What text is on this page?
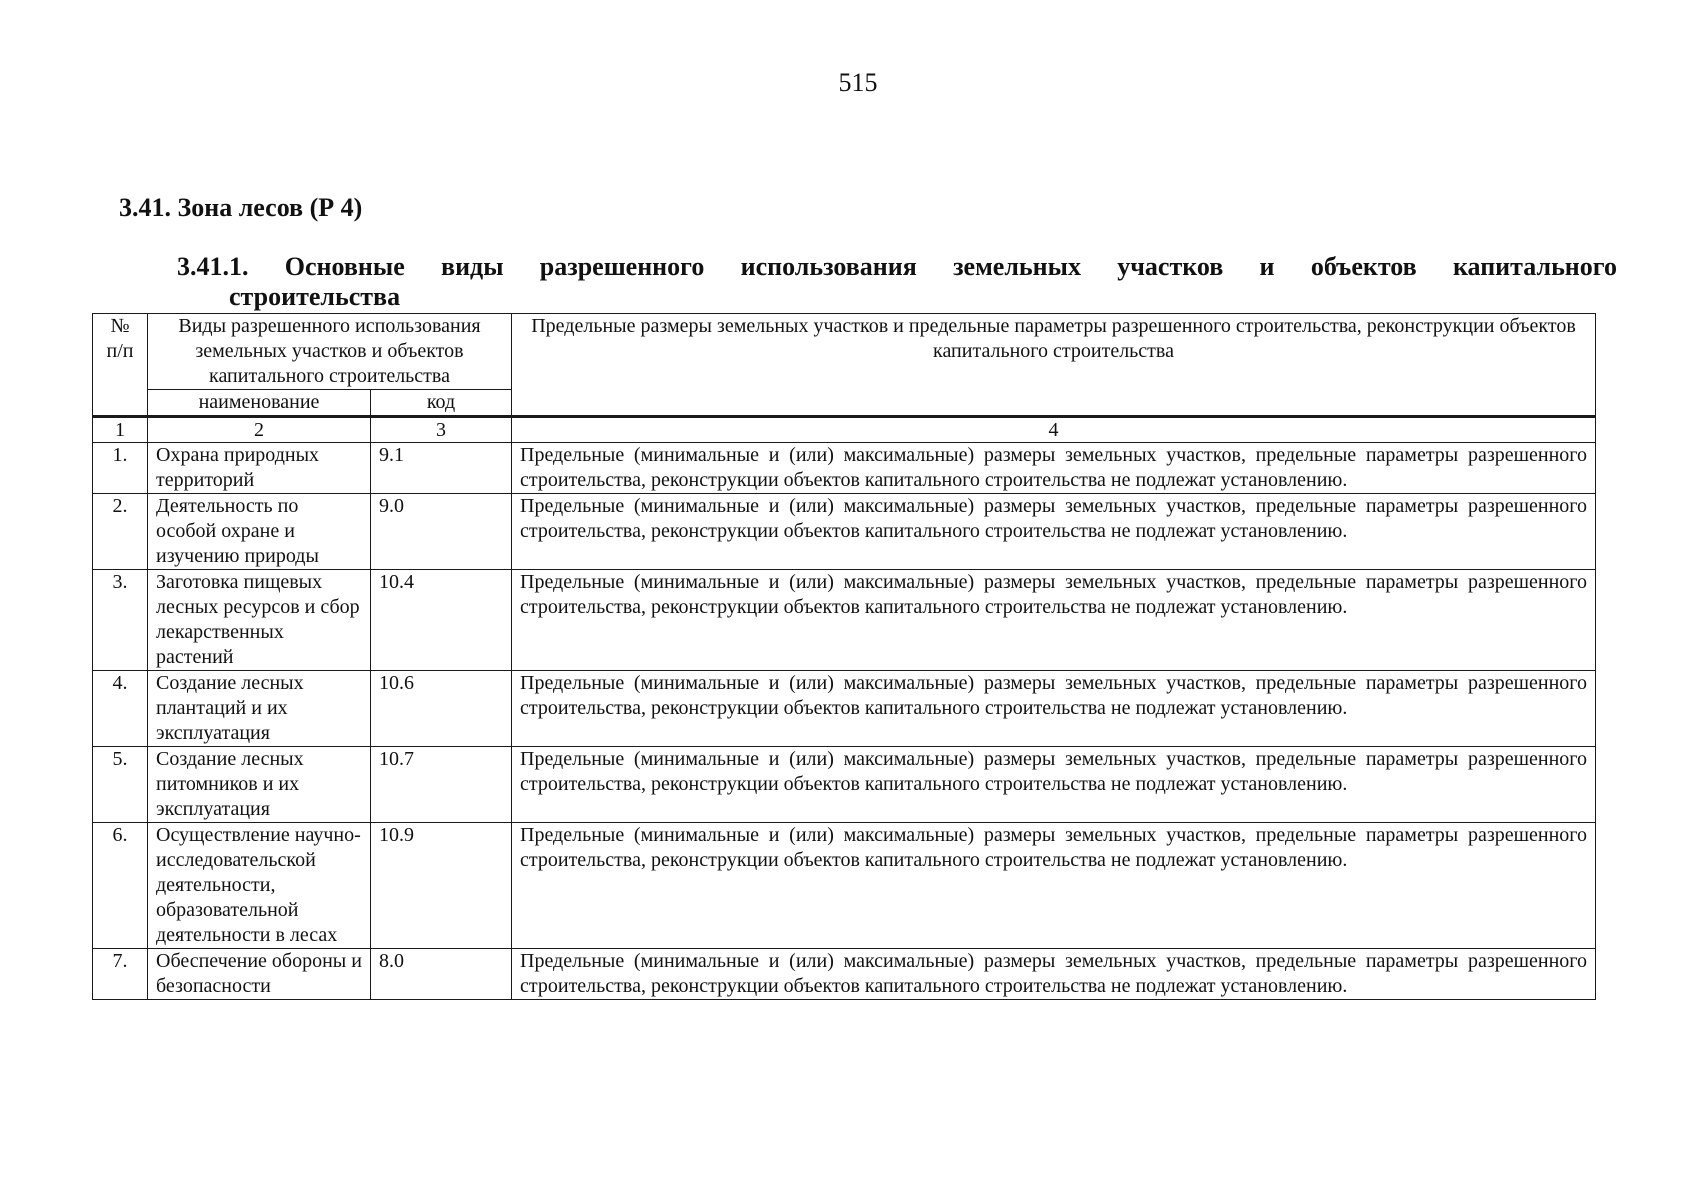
515
3.41. Зона лесов (Р 4)
3.41.1. Основные виды разрешенного использования земельных участков и объектов капитального
строительства
№ п/п	Виды разрешенного использования земельных участков и объектов капитального строительства		Предельные размеры земельных участков и предельные параметры разрешенного строительства, реконструкции объектов капитального строительства
	наименование	код	
1	2	3	4
1.	Охрана природных территорий	9.1	Предельные (минимальные и (или) максимальные) размеры земельных участков, предельные параметры разрешенного строительства, реконструкции объектов капитального строительства не подлежат установлению.
2.	Деятельность по особой охране и изучению природы	9.0	Предельные (минимальные и (или) максимальные) размеры земельных участков, предельные параметры разрешенного строительства, реконструкции объектов капитального строительства не подлежат установлению.
3.	Заготовка пищевых лесных ресурсов и сбор лекарственных растений	10.4	Предельные (минимальные и (или) максимальные) размеры земельных участков, предельные параметры разрешенного строительства, реконструкции объектов капитального строительства не подлежат установлению.
4.	Создание лесных плантаций и их эксплуатация	10.6	Предельные (минимальные и (или) максимальные) размеры земельных участков, предельные параметры разрешенного строительства, реконструкции объектов капитального строительства не подлежат установлению.
5.	Создание лесных питомников и их эксплуатация	10.7	Предельные (минимальные и (или) максимальные) размеры земельных участков, предельные параметры разрешенного строительства, реконструкции объектов капитального строительства не подлежат установлению.
6.	Осуществление научно-исследовательской деятельности, образовательной деятельности в лесах	10.9	Предельные (минимальные и (или) максимальные) размеры земельных участков, предельные параметры разрешенного строительства, реконструкции объектов капитального строительства не подлежат установлению.
7.	Обеспечение обороны и безопасности	8.0	Предельные (минимальные и (или) максимальные) размеры земельных участков, предельные параметры разрешенного строительства, реконструкции объектов капитального строительства не подлежат установлению.
